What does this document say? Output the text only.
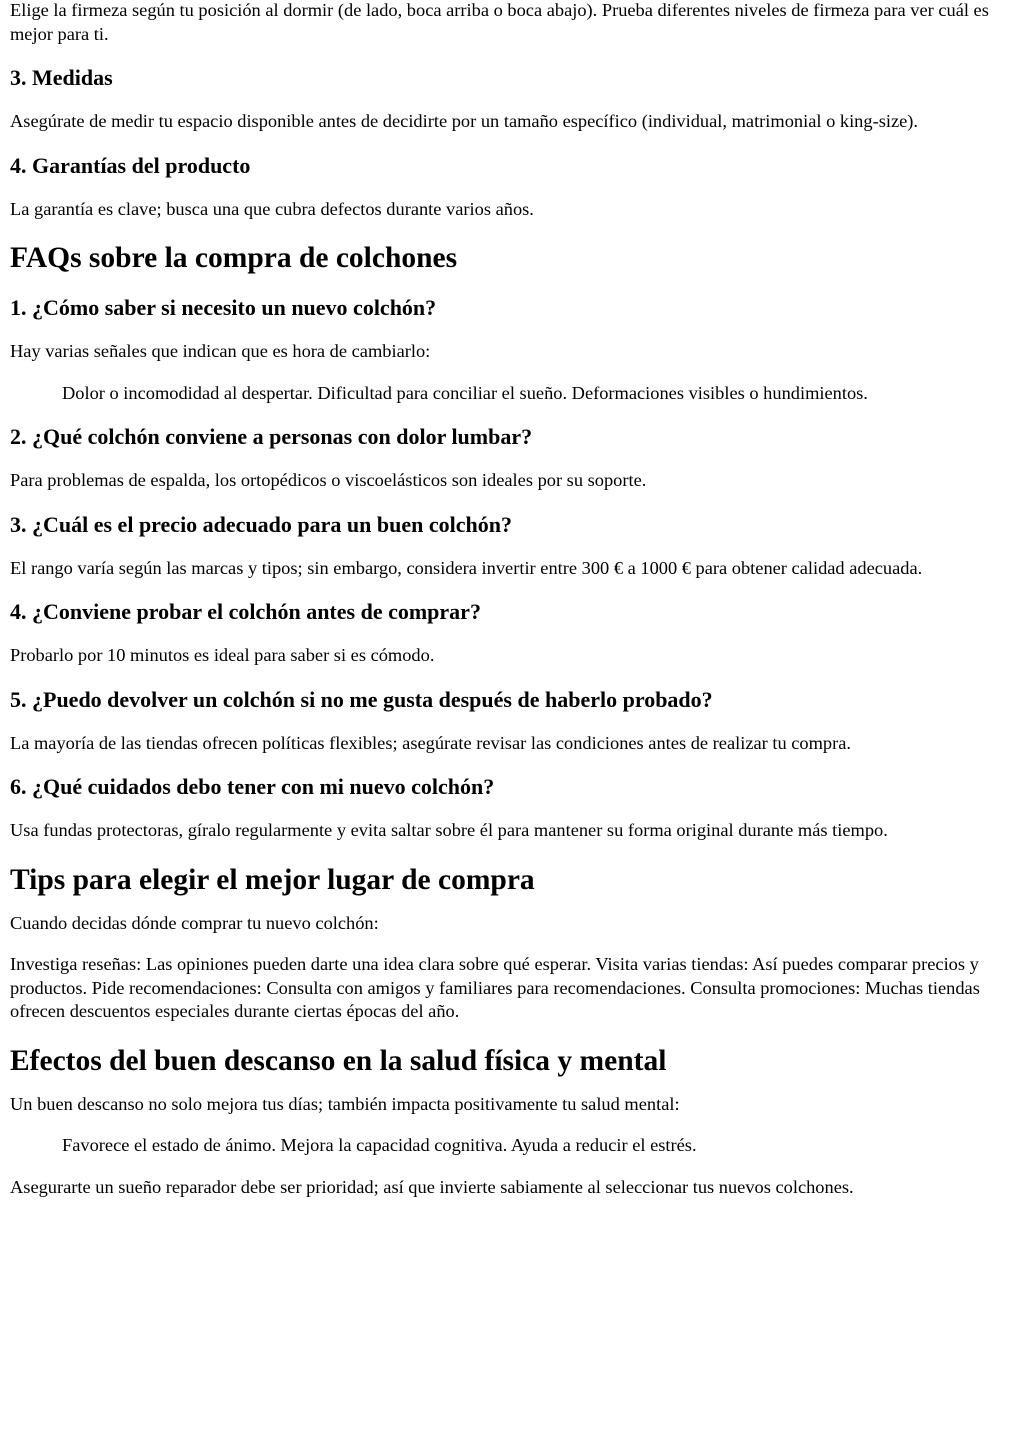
Elige la firmeza según tu posición al dormir (de lado, boca arriba o boca abajo). Prueba diferentes niveles de firmeza para ver cuál es mejor para ti.

3. Medidas

Asegúrate de medir tu espacio disponible antes de decidirte por un tamaño específico (individual, matrimonial o king-size).

4. Garantías del producto

La garantía es clave; busca una que cubra defectos durante varios años.

FAQs sobre la compra de colchones
1. ¿Cómo saber si necesito un nuevo colchón?

Hay varias señales que indican que es hora de cambiarlo:

Dolor o incomodidad al despertar. Dificultad para conciliar el sueño. Deformaciones visibles o hundimientos.
2. ¿Qué colchón conviene a personas con dolor lumbar?

Para problemas de espalda, los ortopédicos o viscoelásticos son ideales por su soporte.

3. ¿Cuál es el precio adecuado para un buen colchón?

El rango varía según las marcas y tipos; sin embargo, considera invertir entre 300 € a 1000 € para obtener calidad adecuada.

4. ¿Conviene probar el colchón antes de comprar?

Probarlo por 10 minutos es ideal para saber si es cómodo.

5. ¿Puedo devolver un colchón si no me gusta después de haberlo probado?

La mayoría de las tiendas ofrecen políticas flexibles; asegúrate revisar las condiciones antes de realizar tu compra.

6. ¿Qué cuidados debo tener con mi nuevo colchón?

Usa fundas protectoras, gíralo regularmente y evita saltar sobre él para mantener su forma original durante más tiempo.

Tips para elegir el mejor lugar de compra

Cuando decidas dónde comprar tu nuevo colchón:

Investiga reseñas: Las opiniones pueden darte una idea clara sobre qué esperar. Visita varias tiendas: Así puedes comparar precios y productos. Pide recomendaciones: Consulta con amigos y familiares para recomendaciones. Consulta promociones: Muchas tiendas ofrecen descuentos especiales durante ciertas épocas del año.

Efectos del buen descanso en la salud física y mental

Un buen descanso no solo mejora tus días; también impacta positivamente tu salud mental:

Favorece el estado de ánimo. Mejora la capacidad cognitiva. Ayuda a reducir el estrés.

Asegurarte un sueño reparador debe ser prioridad; así que invierte sabiamente al seleccionar tus nuevos colchones.
